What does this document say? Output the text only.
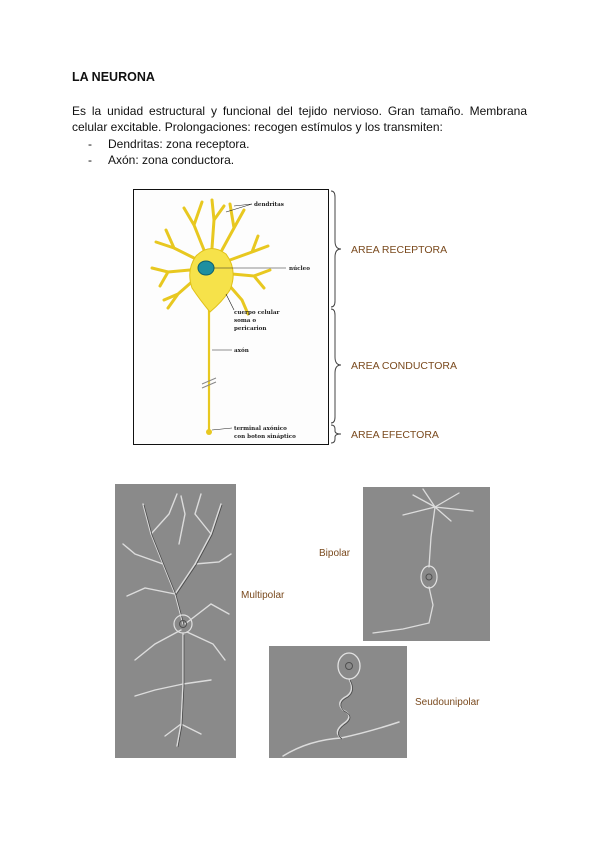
LA NEURONA
Es la unidad estructural y funcional del tejido nervioso. Gran tamaño. Membrana celular excitable. Prolongaciones: recogen estímulos y los transmiten:
- Dendritas: zona receptora.
- Axón: zona conductora.
dendritas
núcleo
cuerpo celular
soma o
pericarion
axón
terminal axónico
con boton sináptico
AREA RECEPTORA
AREA CONDUCTORA
AREA EFECTORA
Multipolar
Bipolar
Seudounipolar
